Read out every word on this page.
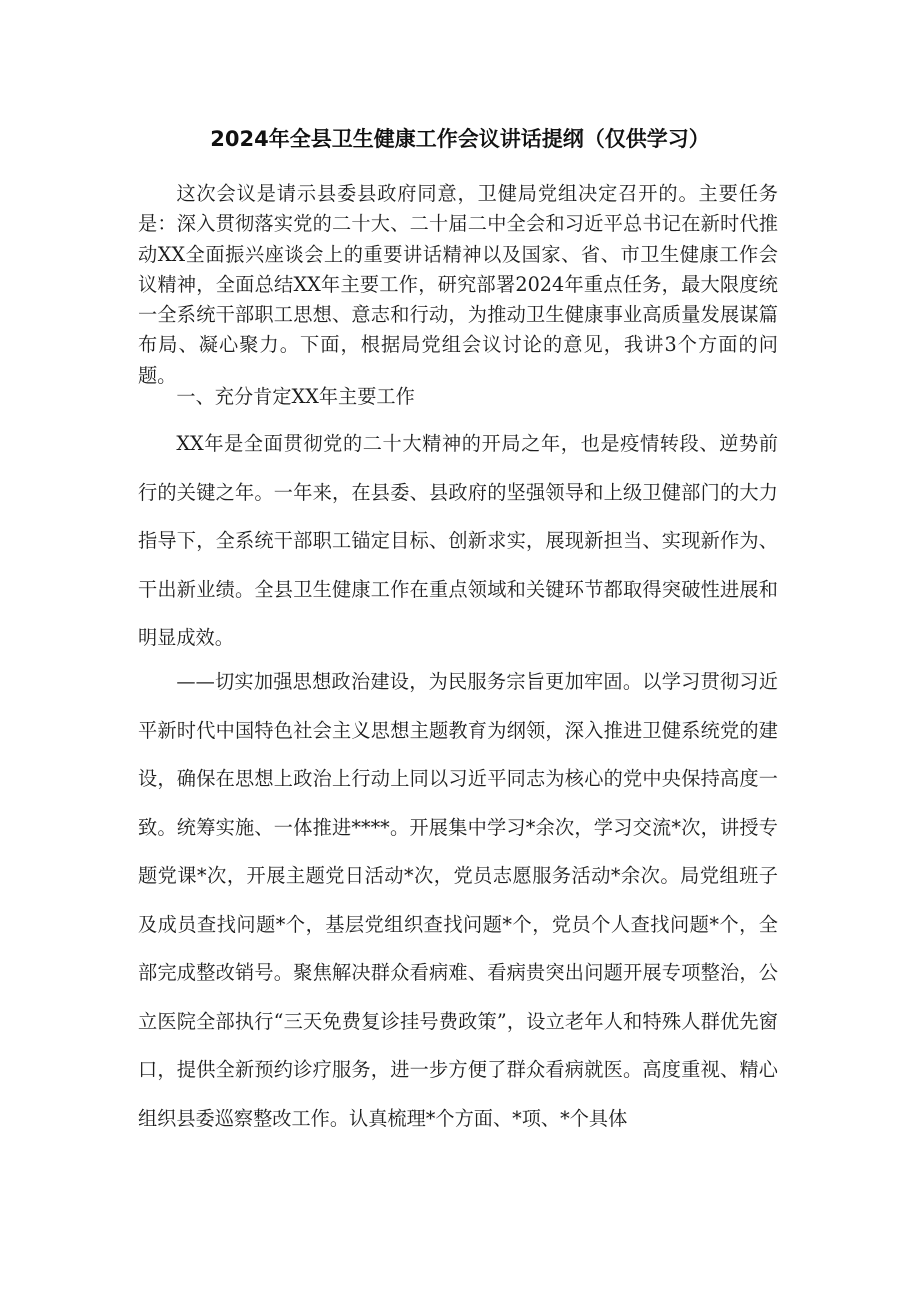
2024年全县卫生健康工作会议讲话提纲（仅供学习）

这次会议是请示县委县政府同意，卫健局党组决定召开的。主要任务是：深入贯彻落实党的二十大、二十届二中全会和习近平总书记在新时代推动XX全面振兴座谈会上的重要讲话精神以及国家、省、市卫生健康工作会议精神，全面总结XX年主要工作，研究部署2024年重点任务，最大限度统一全系统干部职工思想、意志和行动，为推动卫生健康事业高质量发展谋篇布局、凝心聚力。下面，根据局党组会议讨论的意见，我讲3个方面的问题。

一、充分肯定XX年主要工作

XX年是全面贯彻党的二十大精神的开局之年，也是疫情转段、逆势前行的关键之年。一年来，在县委、县政府的坚强领导和上级卫健部门的大力指导下，全系统干部职工锚定目标、创新求实，展现新担当、实现新作为、干出新业绩。全县卫生健康工作在重点领域和关键环节都取得突破性进展和明显成效。

——切实加强思想政治建设，为民服务宗旨更加牢固。以学习贯彻习近平新时代中国特色社会主义思想主题教育为纲领，深入推进卫健系统党的建设，确保在思想上政治上行动上同以习近平同志为核心的党中央保持高度一致。统筹实施、一体推进****。开展集中学习*余次，学习交流*次，讲授专题党课*次，开展主题党日活动*次，党员志愿服务活动*余次。局党组班子及成员查找问题*个，基层党组织查找问题*个，党员个人查找问题*个，全部完成整改销号。聚焦解决群众看病难、看病贵突出问题开展专项整治，公立医院全部执行“三天免费复诊挂号费政策”，设立老年人和特殊人群优先窗口，提供全新预约诊疗服务，进一步方便了群众看病就医。高度重视、精心组织县委巡察整改工作。认真梳理*个方面、*项、*个具体
